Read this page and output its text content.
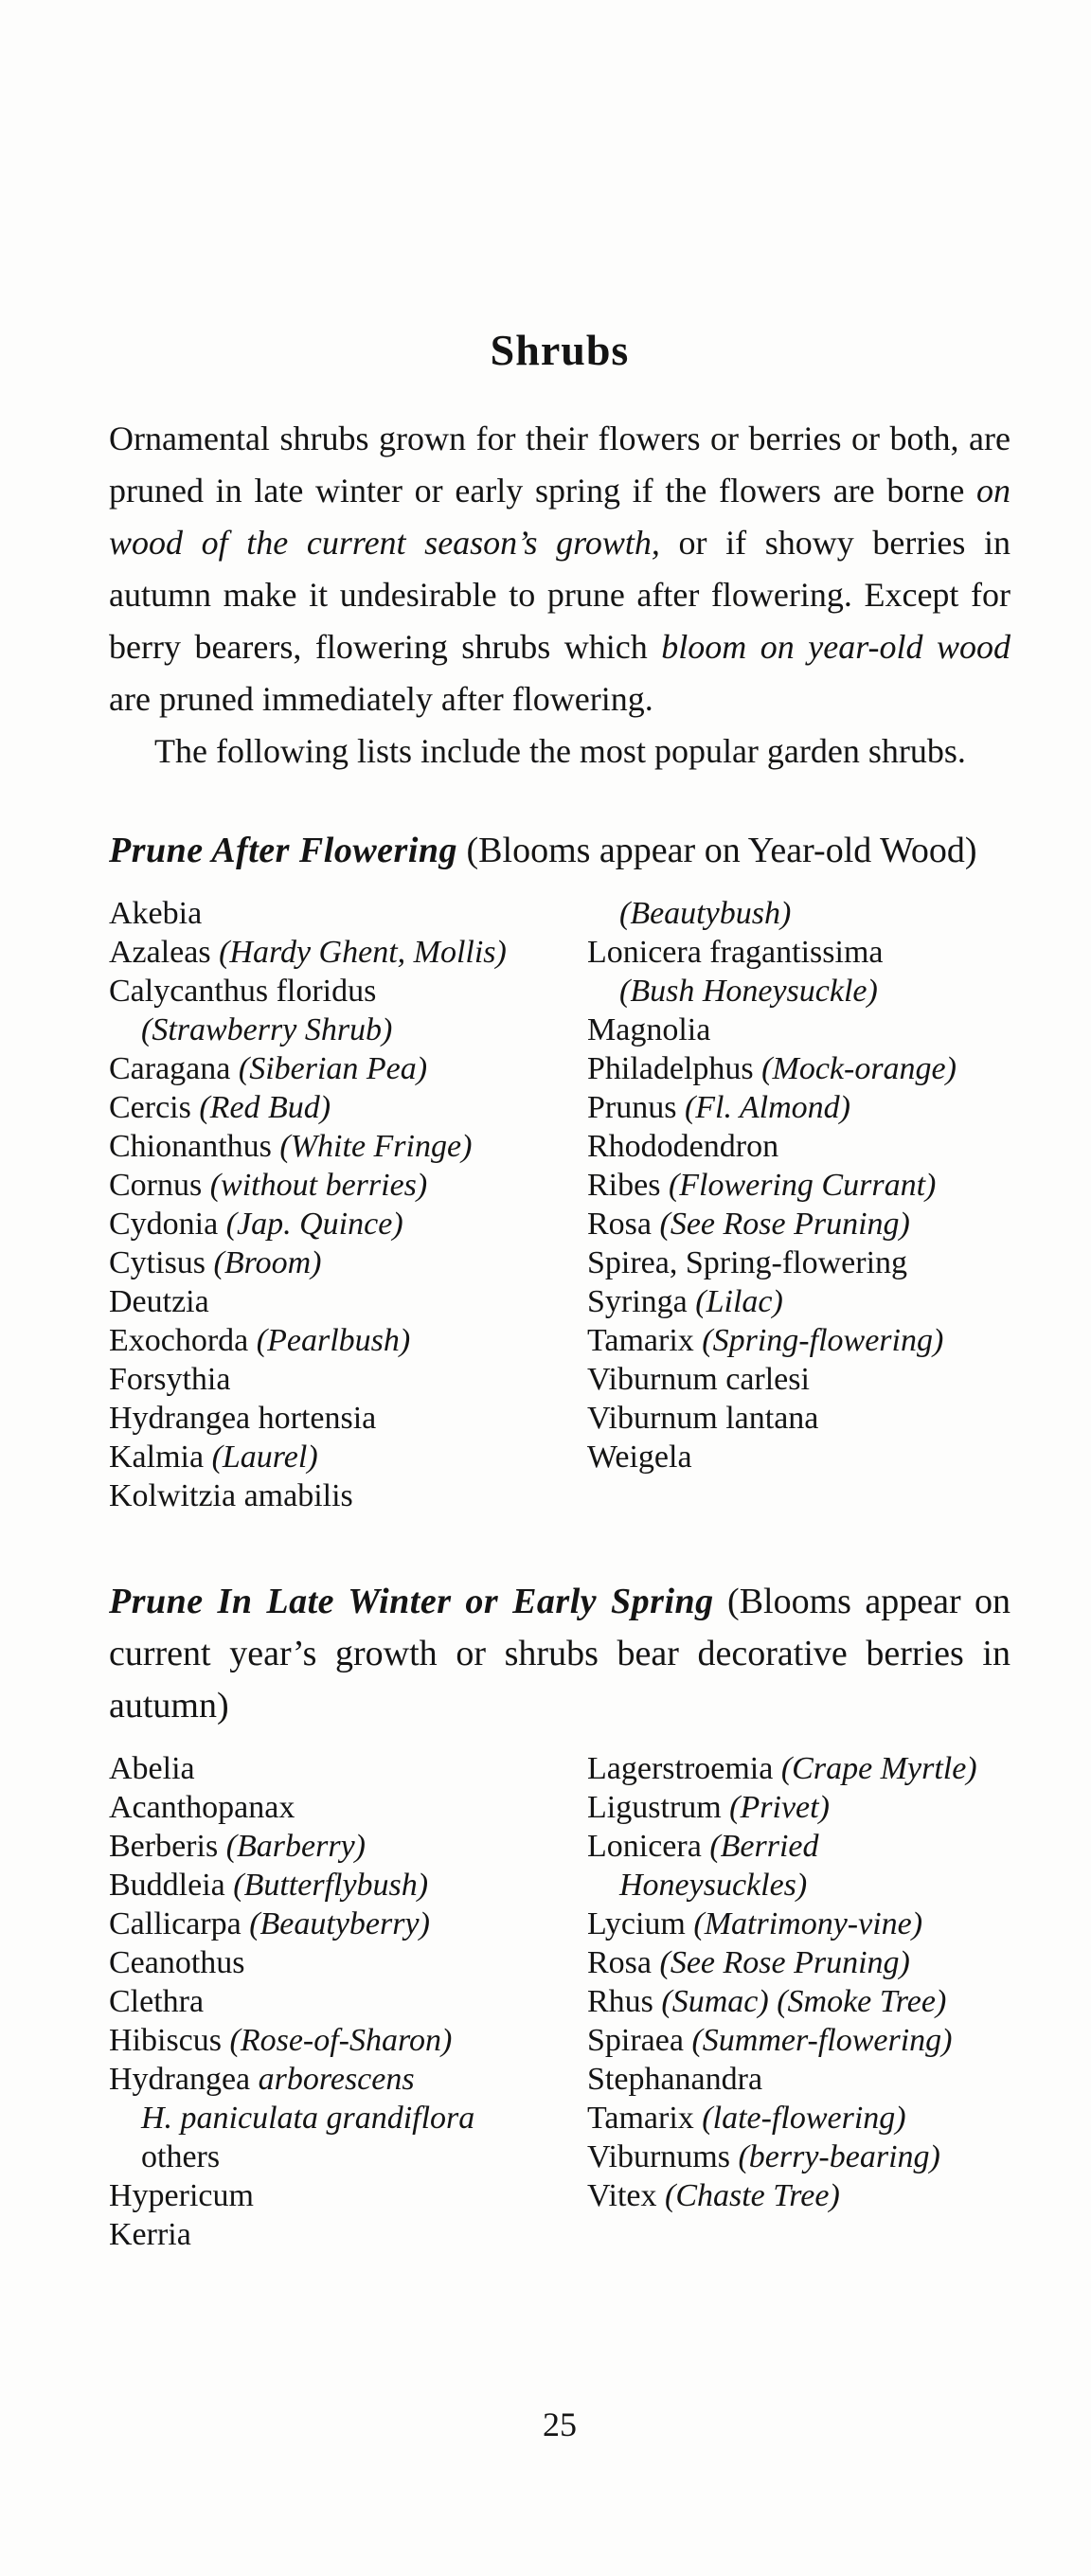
Shrubs

Ornamental shrubs grown for their flowers or berries or both, are pruned in late winter or early spring if the flowers are borne on wood of the current season’s growth, or if showy berries in autumn make it undesirable to prune after flowering. Except for berry bearers, flowering shrubs which bloom on year-old wood are pruned immediately after flowering.

The following lists include the most popular garden shrubs.

Prune After Flowering (Blooms appear on Year-old Wood)
Akebia
Azaleas (Hardy Ghent, Mollis)
Calycanthus floridus
(Strawberry Shrub)
Caragana (Siberian Pea)
Cercis (Red Bud)
Chionanthus (White Fringe)
Cornus (without berries)
Cydonia (Jap. Quince)
Cytisus (Broom)
Deutzia
Exochorda (Pearlbush)
Forsythia
Hydrangea hortensia
Kalmia (Laurel)
Kolwitzia amabilis
(Beautybush)
Lonicera fragantissima
(Bush Honeysuckle)
Magnolia
Philadelphus (Mock-orange)
Prunus (Fl. Almond)
Rhododendron
Ribes (Flowering Currant)
Rosa (See Rose Pruning)
Spirea, Spring-flowering
Syringa (Lilac)
Tamarix (Spring-flowering)
Viburnum carlesi
Viburnum lantana
Weigela
Prune In Late Winter or Early Spring (Blooms appear on current year’s growth or shrubs bear decorative berries in autumn)
Abelia
Acanthopanax
Berberis (Barberry)
Buddleia (Butterflybush)
Callicarpa (Beautyberry)
Ceanothus
Clethra
Hibiscus (Rose-of-Sharon)
Hydrangea arborescens
H. paniculata grandiflora
others
Hypericum
Kerria
Lagerstroemia (Crape Myrtle)
Ligustrum (Privet)
Lonicera (Berried
Honeysuckles)
Lycium (Matrimony-vine)
Rosa (See Rose Pruning)
Rhus (Sumac) (Smoke Tree)
Spiraea (Summer-flowering)
Stephanandra
Tamarix (late-flowering)
Viburnums (berry-bearing)
Vitex (Chaste Tree)
25
